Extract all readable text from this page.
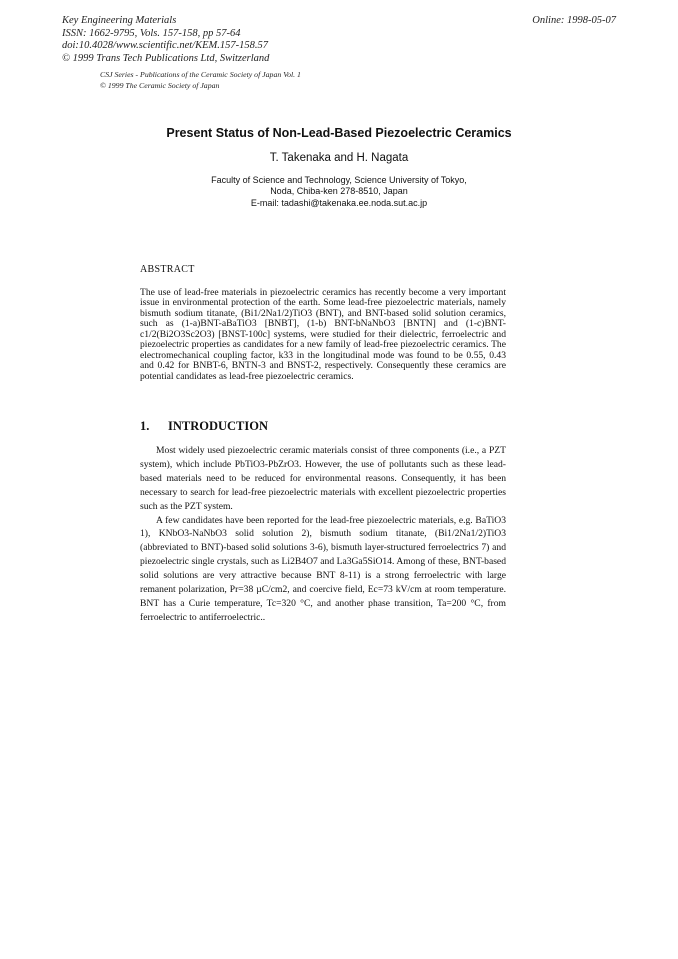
Key Engineering Materials
ISSN: 1662-9795, Vols. 157-158, pp 57-64
doi:10.4028/www.scientific.net/KEM.157-158.57
© 1999 Trans Tech Publications Ltd, Switzerland
Online: 1998-05-07
CSJ Series - Publications of the Ceramic Society of Japan Vol. 1
© 1999 The Ceramic Society of Japan
Present Status of Non-Lead-Based Piezoelectric Ceramics
T. Takenaka and H. Nagata
Faculty of Science and Technology, Science University of Tokyo,
Noda, Chiba-ken 278-8510, Japan
E-mail: tadashi@takenaka.ee.noda.sut.ac.jp
ABSTRACT

The use of lead-free materials in piezoelectric ceramics has recently become a very important issue in environmental protection of the earth. Some lead-free piezoelectric materials, namely bismuth sodium titanate, (Bi1/2Na1/2)TiO3 (BNT), and BNT-based solid solution ceramics, such as (1-a)BNT-aBaTiO3 [BNBT], (1-b) BNT-bNaNbO3 [BNTN] and (1-c)BNT- c1/2(Bi2O3Sc2O3) [BNST-100c] systems, were studied for their dielectric, ferroelectric and piezoelectric properties as candidates for a new family of lead-free piezoelectric ceramics. The electromechanical coupling factor, k33 in the longitudinal mode was found to be 0.55, 0.43 and 0.42 for BNBT-6, BNTN-3 and BNST-2, respectively. Consequently these ceramics are potential candidates as lead-free piezoelectric ceramics.

1. INTRODUCTION

Most widely used piezoelectric ceramic materials consist of three components (i.e., a PZT system), which include PbTiO3-PbZrO3. However, the use of pollutants such as these lead-based materials need to be reduced for environmental reasons. Consequently, it has been necessary to search for lead-free piezoelectric materials with excellent piezoelectric properties such as the PZT system.

A few candidates have been reported for the lead-free piezoelectric materials, e.g. BaTiO3 1), KNbO3-NaNbO3 solid solution 2), bismuth sodium titanate, (Bi1/2Na1/2)TiO3 (abbreviated to BNT)-based solid solutions 3-6), bismuth layer-structured ferroelectrics 7) and piezoelectric single crystals, such as Li2B4O7 and La3Ga5SiO14. Among of these, BNT-based solid solutions are very attractive because BNT 8-11) is a strong ferroelectric with large remanent polarization, Pr=38 µC/cm2, and coercive field, Ec=73 kV/cm at room temperature. BNT has a Curie temperature, Tc=320 °C, and another phase transition, Ta=200 °C, from ferroelectric to antiferroelectric..
